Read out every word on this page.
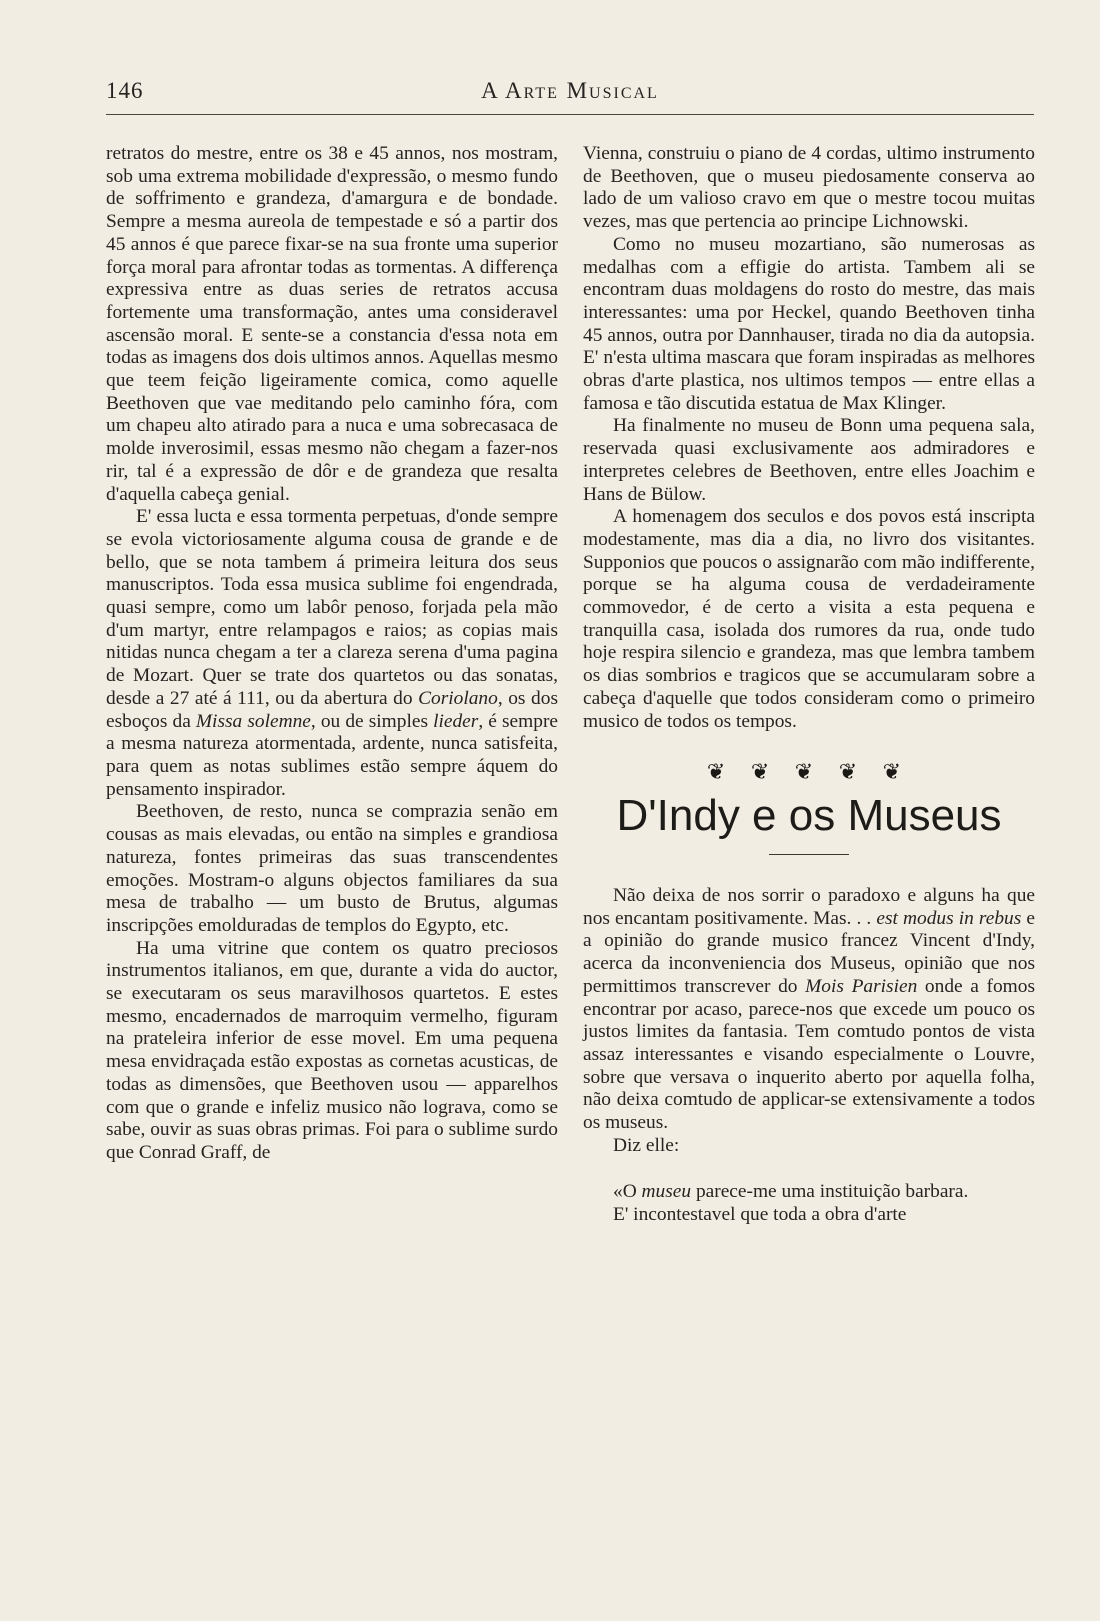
146	A Arte Musical

retratos do mestre, entre os 38 e 45 annos, nos mostram, sob uma extrema mobilidade d'expressão, o mesmo fundo de soffrimento e grandeza, d'amargura e de bondade. Sempre a mesma aureola de tempestade e só a partir dos 45 annos é que parece fixar-se na sua fronte uma superior força moral para afrontar todas as tormentas. A differença expressiva entre as duas series de retratos accusa fortemente uma transformação, antes uma consideravel ascensão moral. E sente-se a constancia d'essa nota em todas as imagens dos dois ultimos annos. Aquellas mesmo que teem feição ligeiramente comica, como aquelle Beethoven que vae meditando pelo caminho fóra, com um chapeu alto atirado para a nuca e uma sobrecasaca de molde inverosimil, essas mesmo não chegam a fazer-nos rir, tal é a expressão de dôr e de grandeza que resalta d'aquella cabeça genial.

E' essa lucta e essa tormenta perpetuas, d'onde sempre se evola victoriosamente alguma cousa de grande e de bello, que se nota tambem á primeira leitura dos seus manuscriptos. Toda essa musica sublime foi engendrada, quasi sempre, como um labôr penoso, forjada pela mão d'um martyr, entre relampagos e raios; as copias mais nitidas nunca chegam a ter a clareza serena d'uma pagina de Mozart. Quer se trate dos quartetos ou das sonatas, desde a 27 até á 111, ou da abertura do Coriolano, os dos esboços da Missa solemne, ou de simples lieder, é sempre a mesma natureza atormentada, ardente, nunca satisfeita, para quem as notas sublimes estão sempre áquem do pensamento inspirador.

Beethoven, de resto, nunca se comprazia senão em cousas as mais elevadas, ou então na simples e grandiosa natureza, fontes primeiras das suas transcendentes emoções. Mostram-o alguns objectos familiares da sua mesa de trabalho — um busto de Brutus, algumas inscripções emolduradas de templos do Egypto, etc.

Ha uma vitrine que contem os quatro preciosos instrumentos italianos, em que, durante a vida do auctor, se executaram os seus maravilhosos quartetos. E estes mesmo, encadernados de marroquim vermelho, figuram na prateleira inferior de esse movel. Em uma pequena mesa envidraçada estão expostas as cornetas acusticas, de todas as dimensões, que Beethoven usou — apparelhos com que o grande e infeliz musico não lograva, como se sabe, ouvir as suas obras primas. Foi para o sublime surdo que Conrad Graff, de

Vienna, construiu o piano de 4 cordas, ultimo instrumento de Beethoven, que o museu piedosamente conserva ao lado de um valioso cravo em que o mestre tocou muitas vezes, mas que pertencia ao principe Lichnowski.

Como no museu mozartiano, são numerosas as medalhas com a effigie do artista. Tambem ali se encontram duas moldagens do rosto do mestre, das mais interessantes: uma por Heckel, quando Beethoven tinha 45 annos, outra por Dannhauser, tirada no dia da autopsia. E' n'esta ultima mascara que foram inspiradas as melhores obras d'arte plastica, nos ultimos tempos — entre ellas a famosa e tão discutida estatua de Max Klinger.

Ha finalmente no museu de Bonn uma pequena sala, reservada quasi exclusivamente aos admiradores e interpretes celebres de Beethoven, entre elles Joachim e Hans de Bülow.

A homenagem dos seculos e dos povos está inscripta modestamente, mas dia a dia, no livro dos visitantes. Supponios que poucos o assignarão com mão indifferente, porque se ha alguma cousa de verdadeiramente commovedor, é de certo a visita a esta pequena e tranquilla casa, isolada dos rumores da rua, onde tudo hoje respira silencio e grandeza, mas que lembra tambem os dias sombrios e tragicos que se accumularam sobre a cabeça d'aquelle que todos consideram como o primeiro musico de todos os tempos.

❦ ❦ ❦ ❦ ❦
D'Indy e os Museus

Não deixa de nos sorrir o paradoxo e alguns ha que nos encantam positivamente. Mas. . . est modus in rebus e a opinião do grande musico francez Vincent d'Indy, acerca da inconveniencia dos Museus, opinião que nos permittimos transcrever do Mois Parisien onde a fomos encontrar por acaso, parece-nos que excede um pouco os justos limites da fantasia. Tem comtudo pontos de vista assaz interessantes e visando especialmente o Louvre, sobre que versava o inquerito aberto por aquella folha, não deixa comtudo de applicar-se extensivamente a todos os museus.

Diz elle:

«O museu parece-me uma instituição barbara.

E' incontestavel que toda a obra d'arte
